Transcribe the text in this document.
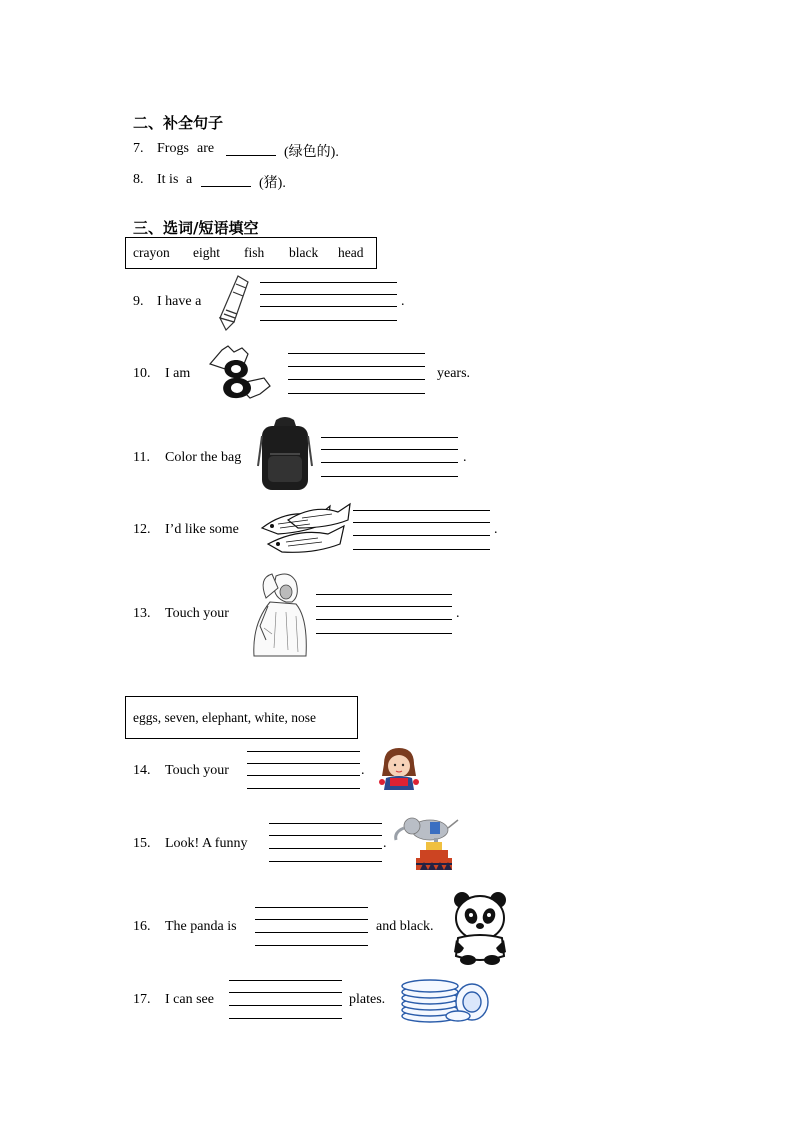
二、补全句子
7. Frogs are	(绿色的).
8. It is a	(猪).
三、选词/短语填空
crayon eight fish black head
9. I have a	.
10. I am	years.
11. Color the bag	.
12. I’d like some	.
13. Touch your	.
eggs, seven, elephant, white, nose
14. Touch your	.
15. Look! A funny	.
16. The panda is	and black.
17. I can see	plates.
